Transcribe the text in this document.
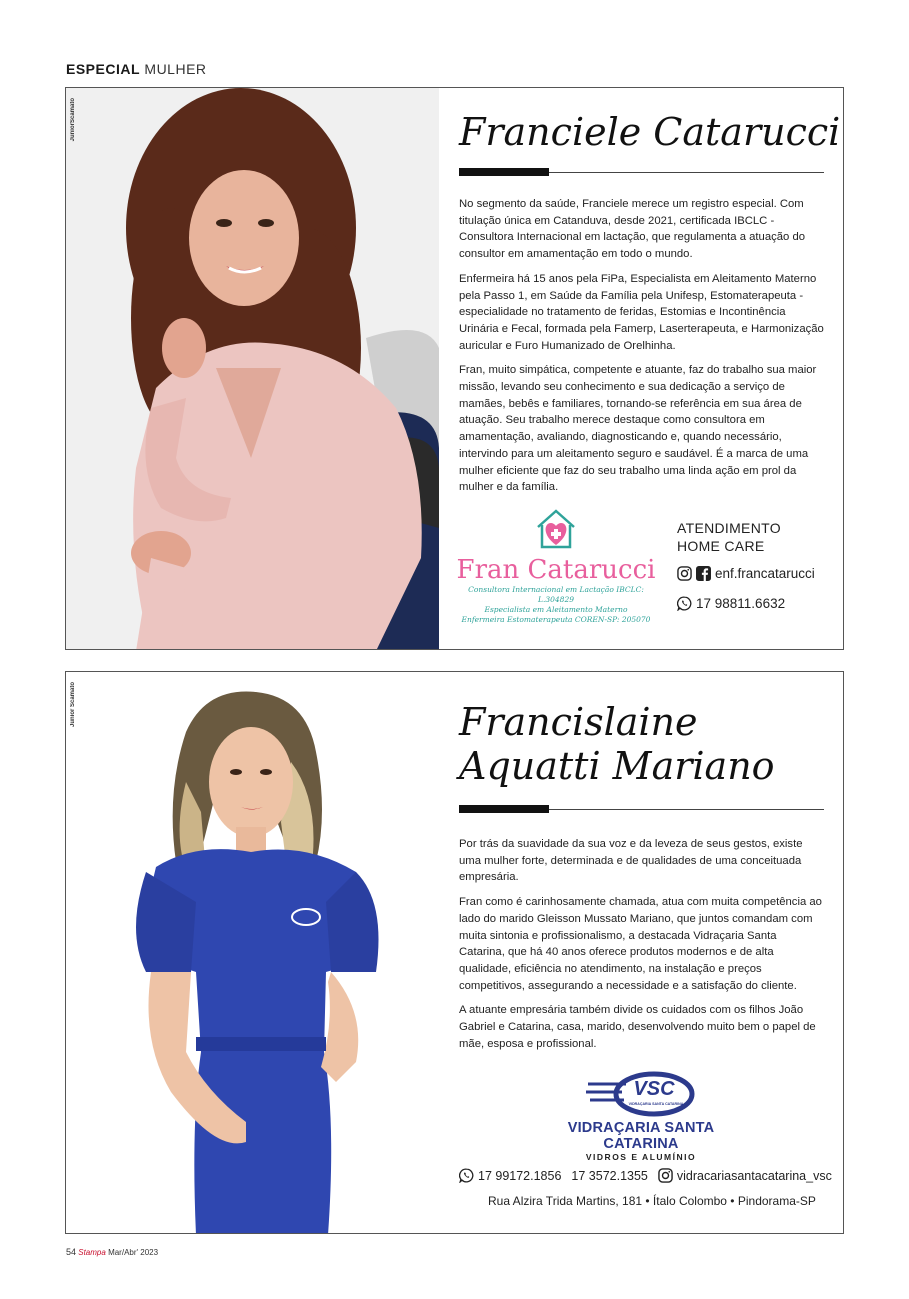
ESPECIAL MULHER
JuniorScamato	Franciele Catarucci

No segmento da saúde, Franciele merece um registro especial. Com titulação única em Catanduva, desde 2021, certificada IBCLC - Consultora Internacional em lactação, que regulamenta a atuação do consultor em amamentação em todo o mundo.

Enfermeira há 15 anos pela FiPa, Especialista em Aleitamento Materno pela Passo 1, em Saúde da Família pela Unifesp, Estomaterapeuta - especialidade no tratamento de feridas, Estomias e Incontinência Urinária e Fecal, formada pela Famerp, Laserterapeuta, e Harmonização auricular e Furo Humanizado de Orelhinha.

Fran, muito simpática, competente e atuante, faz do trabalho sua maior missão, levando seu conhecimento e sua dedicação a serviço de mamães, bebês e familiares, tornando-se referência em sua área de atuação. Seu trabalho merece destaque como consultora em amamentação, avaliando, diagnosticando e, quando necessário, intervindo para um aleitamento seguro e saudável. É a marca de uma mulher eficiente que faz do seu trabalho uma linda ação em prol da mulher e da família.

Fran Catarucci
Consultora Internacional em Lactação IBCLC: L.304829
Especialista em Aleitamento Materno
Enfermeira Estomaterapeuta COREN-SP: 205070
ATENDIMENTO
HOME CARE
enf.francatarucci
17 98811.6632
Junior Scamato	Francislaine
Aquatti Mariano

Por trás da suavidade da sua voz e da leveza de seus gestos, existe uma mulher forte, determinada e de qualidades de uma conceituada empresária.

Fran como é carinhosamente chamada, atua com muita competência ao lado do marido Gleisson Mussato Mariano, que juntos comandam com muita sintonia e profissionalismo, a destacada Vidraçaria Santa Catarina, que há 40 anos oferece produtos modernos e de alta qualidade, eficiência no atendimento, na instalação e preços competitivos, assegurando a necessidade e a satisfação do cliente.

A atuante empresária também divide os cuidados com os filhos João Gabriel e Catarina, casa, marido, desenvolvendo muito bem o papel de mãe, esposa e profissional.

VSC
VIDRAÇARIA SANTA CATARINA
VIDRAÇARIA SANTA CATARINA
VIDROS E ALUMÍNIO
17 99172.1856 17 3572.1355 vidracariasantacatarina_vsc
Rua Alzira Trida Martins, 181 • Ítalo Colombo • Pindorama-SP
54 Stampa Mar/Abr' 2023
